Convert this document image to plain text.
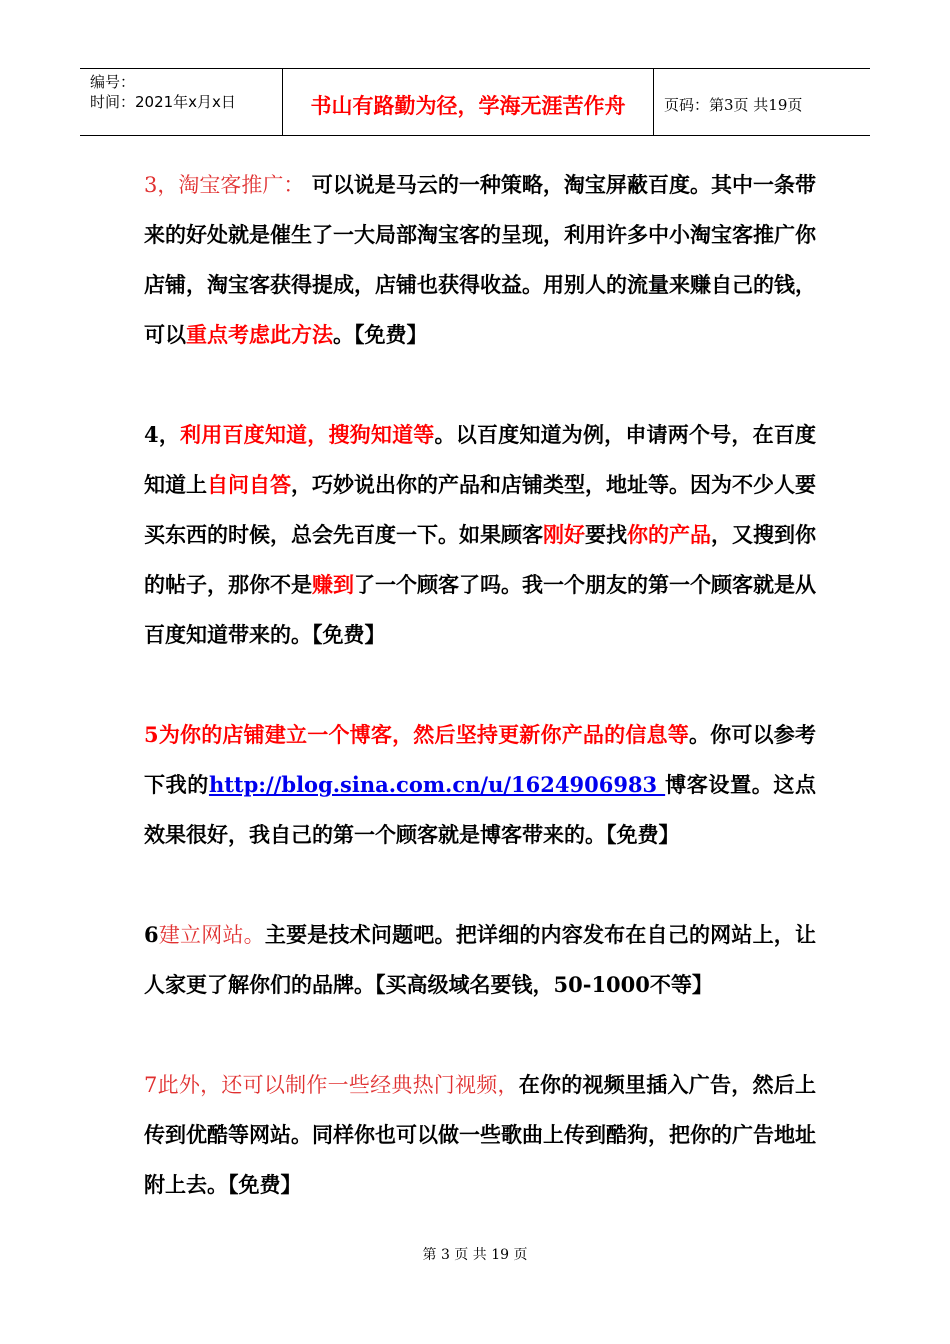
编号：
时间：2021年x月x日	书山有路勤为径，学海无涯苦作舟	页码：第3页 共19页

3，淘宝客推广： 可以说是马云的一种策略，淘宝屏蔽百度。其中一条带来的好处就是催生了一大局部淘宝客的呈现，利用许多中小淘宝客推广你店铺，淘宝客获得提成，店铺也获得收益。用别人的流量来赚自己的钱，可以重点考虑此方法。【免费】

4，利用百度知道，搜狗知道等。以百度知道为例，申请两个号，在百度知道上自问自答，巧妙说出你的产品和店铺类型，地址等。因为不少人要买东西的时候，总会先百度一下。如果顾客刚好要找你的产品，又搜到你的帖子，那你不是赚到了一个顾客了吗。我一个朋友的第一个顾客就是从百度知道带来的。【免费】

5为你的店铺建立一个博客，然后坚持更新你产品的信息等。你可以参考下我的http://blog.sina.com.cn/u/1624906983 博客设置。这点效果很好，我自己的第一个顾客就是博客带来的。【免费】

6建立网站。主要是技术问题吧。把详细的内容发布在自己的网站上，让人家更了解你们的品牌。【买高级域名要钱，50-1000不等】

7此外，还可以制作一些经典热门视频，在你的视频里插入广告，然后上传到优酷等网站。同样你也可以做一些歌曲上传到酷狗，把你的广告地址附上去。【免费】

第 3 页 共 19 页
